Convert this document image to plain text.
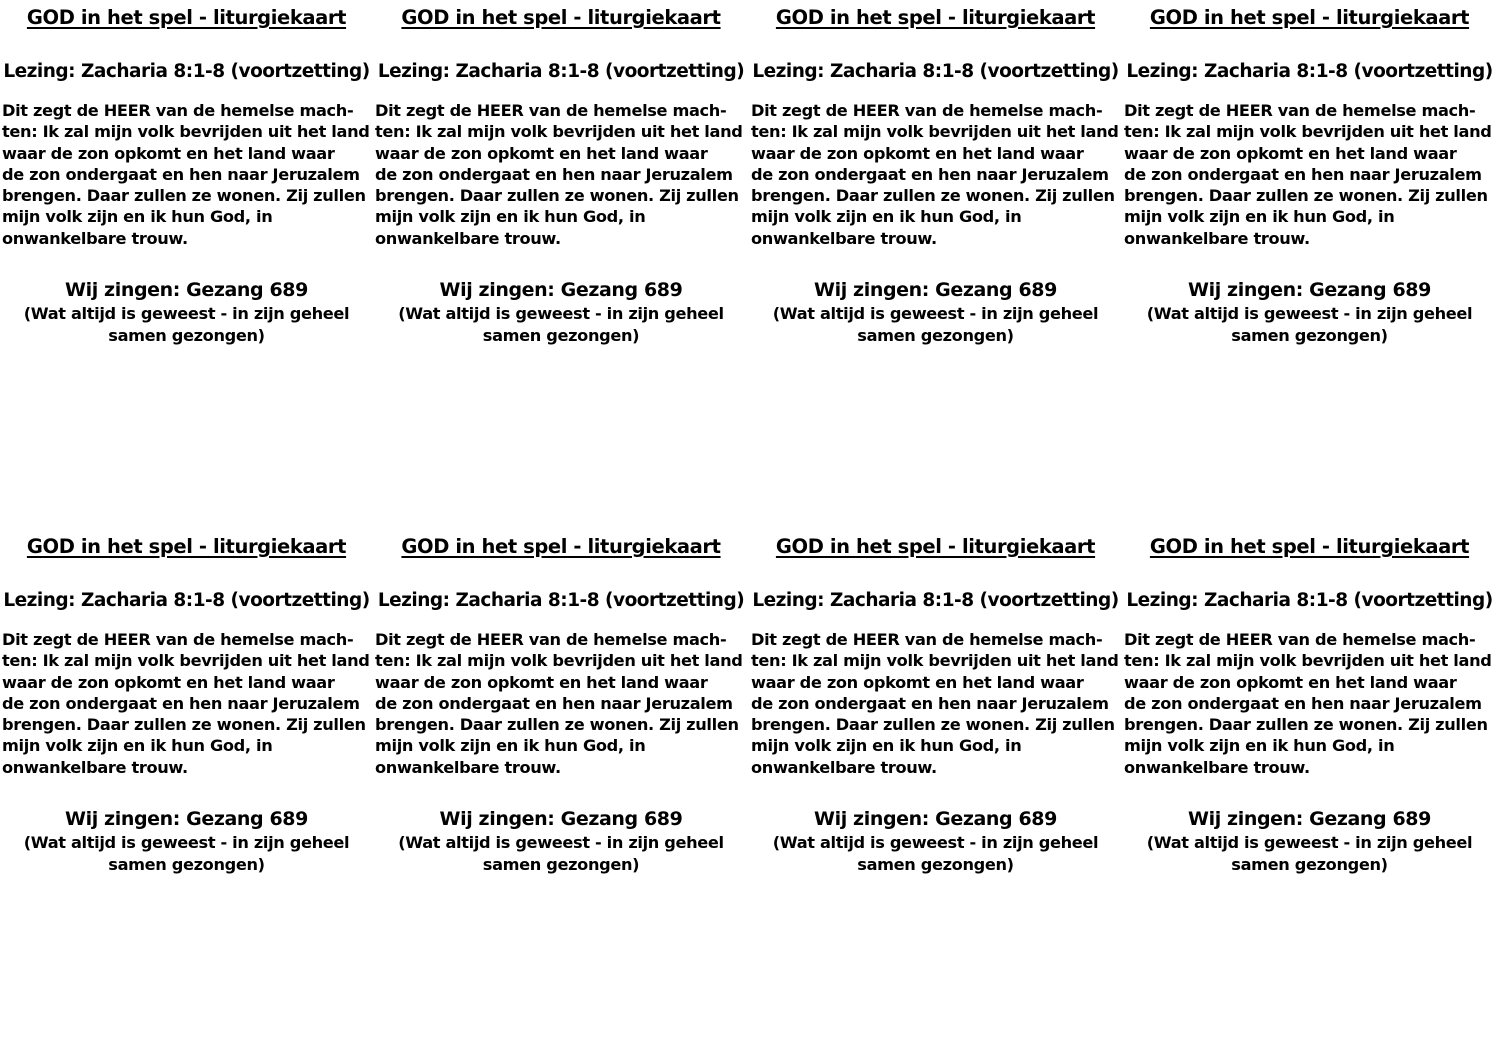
GOD in het spel - liturgiekaart

Lezing: Zacharia 8:1-8 (voortzetting)

Dit zegt de HEER van de hemelse mach-
ten: Ik zal mijn volk bevrijden uit het land
waar de zon opkomt en het land waar
de zon ondergaat en hen naar Jeruzalem
brengen. Daar zullen ze wonen. Zij zullen
mijn volk zijn en ik hun God, in
onwankelbare trouw.

Wij zingen: Gezang 689

(Wat altijd is geweest - in zijn geheel
samen gezongen)

GOD in het spel - liturgiekaart

Lezing: Zacharia 8:1-8 (voortzetting)

Dit zegt de HEER van de hemelse mach-
ten: Ik zal mijn volk bevrijden uit het land
waar de zon opkomt en het land waar
de zon ondergaat en hen naar Jeruzalem
brengen. Daar zullen ze wonen. Zij zullen
mijn volk zijn en ik hun God, in
onwankelbare trouw.

Wij zingen: Gezang 689

(Wat altijd is geweest - in zijn geheel
samen gezongen)

GOD in het spel - liturgiekaart

Lezing: Zacharia 8:1-8 (voortzetting)

Dit zegt de HEER van de hemelse mach-
ten: Ik zal mijn volk bevrijden uit het land
waar de zon opkomt en het land waar
de zon ondergaat en hen naar Jeruzalem
brengen. Daar zullen ze wonen. Zij zullen
mijn volk zijn en ik hun God, in
onwankelbare trouw.

Wij zingen: Gezang 689

(Wat altijd is geweest - in zijn geheel
samen gezongen)

GOD in het spel - liturgiekaart

Lezing: Zacharia 8:1-8 (voortzetting)

Dit zegt de HEER van de hemelse mach-
ten: Ik zal mijn volk bevrijden uit het land
waar de zon opkomt en het land waar
de zon ondergaat en hen naar Jeruzalem
brengen. Daar zullen ze wonen. Zij zullen
mijn volk zijn en ik hun God, in
onwankelbare trouw.

Wij zingen: Gezang 689

(Wat altijd is geweest - in zijn geheel
samen gezongen)

GOD in het spel - liturgiekaart

Lezing: Zacharia 8:1-8 (voortzetting)

Dit zegt de HEER van de hemelse mach-
ten: Ik zal mijn volk bevrijden uit het land
waar de zon opkomt en het land waar
de zon ondergaat en hen naar Jeruzalem
brengen. Daar zullen ze wonen. Zij zullen
mijn volk zijn en ik hun God, in
onwankelbare trouw.

Wij zingen: Gezang 689

(Wat altijd is geweest - in zijn geheel
samen gezongen)

GOD in het spel - liturgiekaart

Lezing: Zacharia 8:1-8 (voortzetting)

Dit zegt de HEER van de hemelse mach-
ten: Ik zal mijn volk bevrijden uit het land
waar de zon opkomt en het land waar
de zon ondergaat en hen naar Jeruzalem
brengen. Daar zullen ze wonen. Zij zullen
mijn volk zijn en ik hun God, in
onwankelbare trouw.

Wij zingen: Gezang 689

(Wat altijd is geweest - in zijn geheel
samen gezongen)

GOD in het spel - liturgiekaart

Lezing: Zacharia 8:1-8 (voortzetting)

Dit zegt de HEER van de hemelse mach-
ten: Ik zal mijn volk bevrijden uit het land
waar de zon opkomt en het land waar
de zon ondergaat en hen naar Jeruzalem
brengen. Daar zullen ze wonen. Zij zullen
mijn volk zijn en ik hun God, in
onwankelbare trouw.

Wij zingen: Gezang 689

(Wat altijd is geweest - in zijn geheel
samen gezongen)

GOD in het spel - liturgiekaart

Lezing: Zacharia 8:1-8 (voortzetting)

Dit zegt de HEER van de hemelse mach-
ten: Ik zal mijn volk bevrijden uit het land
waar de zon opkomt en het land waar
de zon ondergaat en hen naar Jeruzalem
brengen. Daar zullen ze wonen. Zij zullen
mijn volk zijn en ik hun God, in
onwankelbare trouw.

Wij zingen: Gezang 689

(Wat altijd is geweest - in zijn geheel
samen gezongen)
